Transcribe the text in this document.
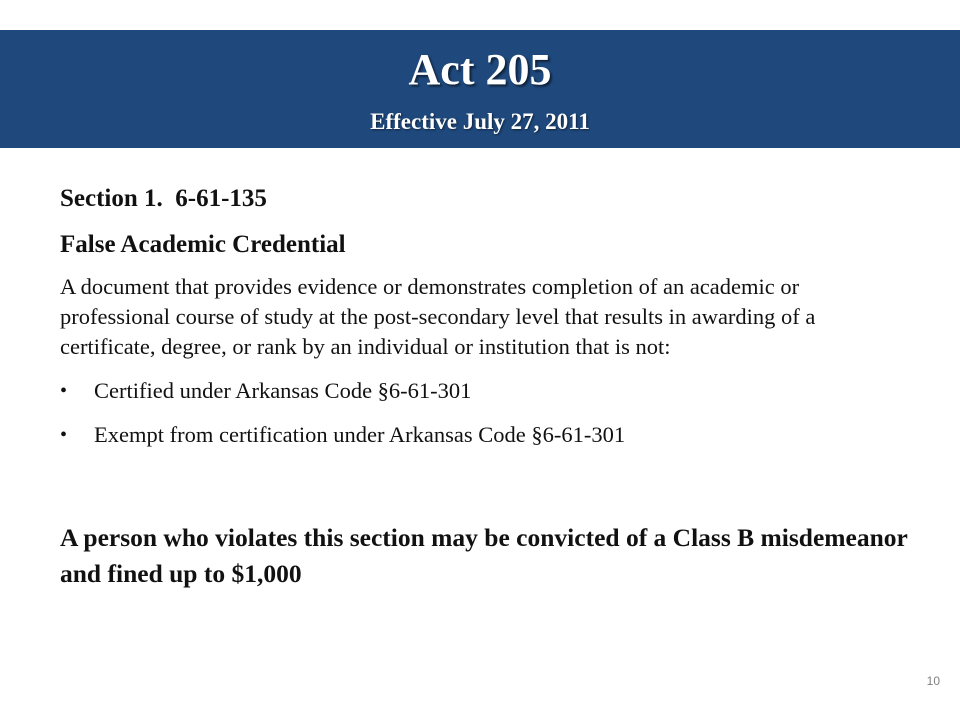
Act 205
Effective July 27, 2011
Section 1.  6-61-135
False Academic Credential
A document that provides evidence or demonstrates completion of an academic or professional course of study at the post-secondary level that results in awarding of a certificate, degree, or rank by an individual or institution that is not:
• Certified under Arkansas Code §6-61-301
• Exempt from certification under Arkansas Code §6-61-301
A person who violates this section may be convicted of a Class B misdemeanor and fined up to $1,000
10
